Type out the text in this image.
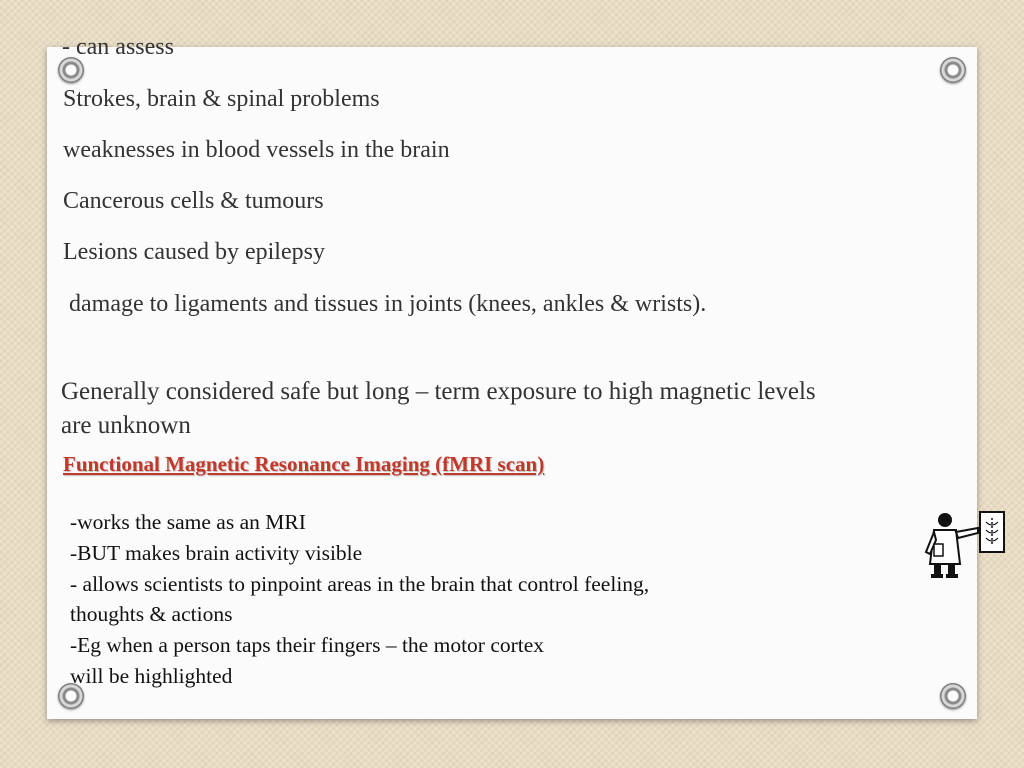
- can assess
Strokes, brain & spinal problems
weaknesses in blood vessels in the brain
Cancerous cells & tumours
Lesions caused by epilepsy
damage to ligaments and tissues in joints (knees, ankles & wrists).
Generally considered safe but long – term exposure to high magnetic levels are unknown
Functional Magnetic Resonance Imaging (fMRI scan)
-works the same as an MRI
-BUT makes brain activity visible
- allows scientists to pinpoint areas in the brain that control feeling,
thoughts & actions
-Eg when a person taps their fingers – the motor cortex
will be highlighted
